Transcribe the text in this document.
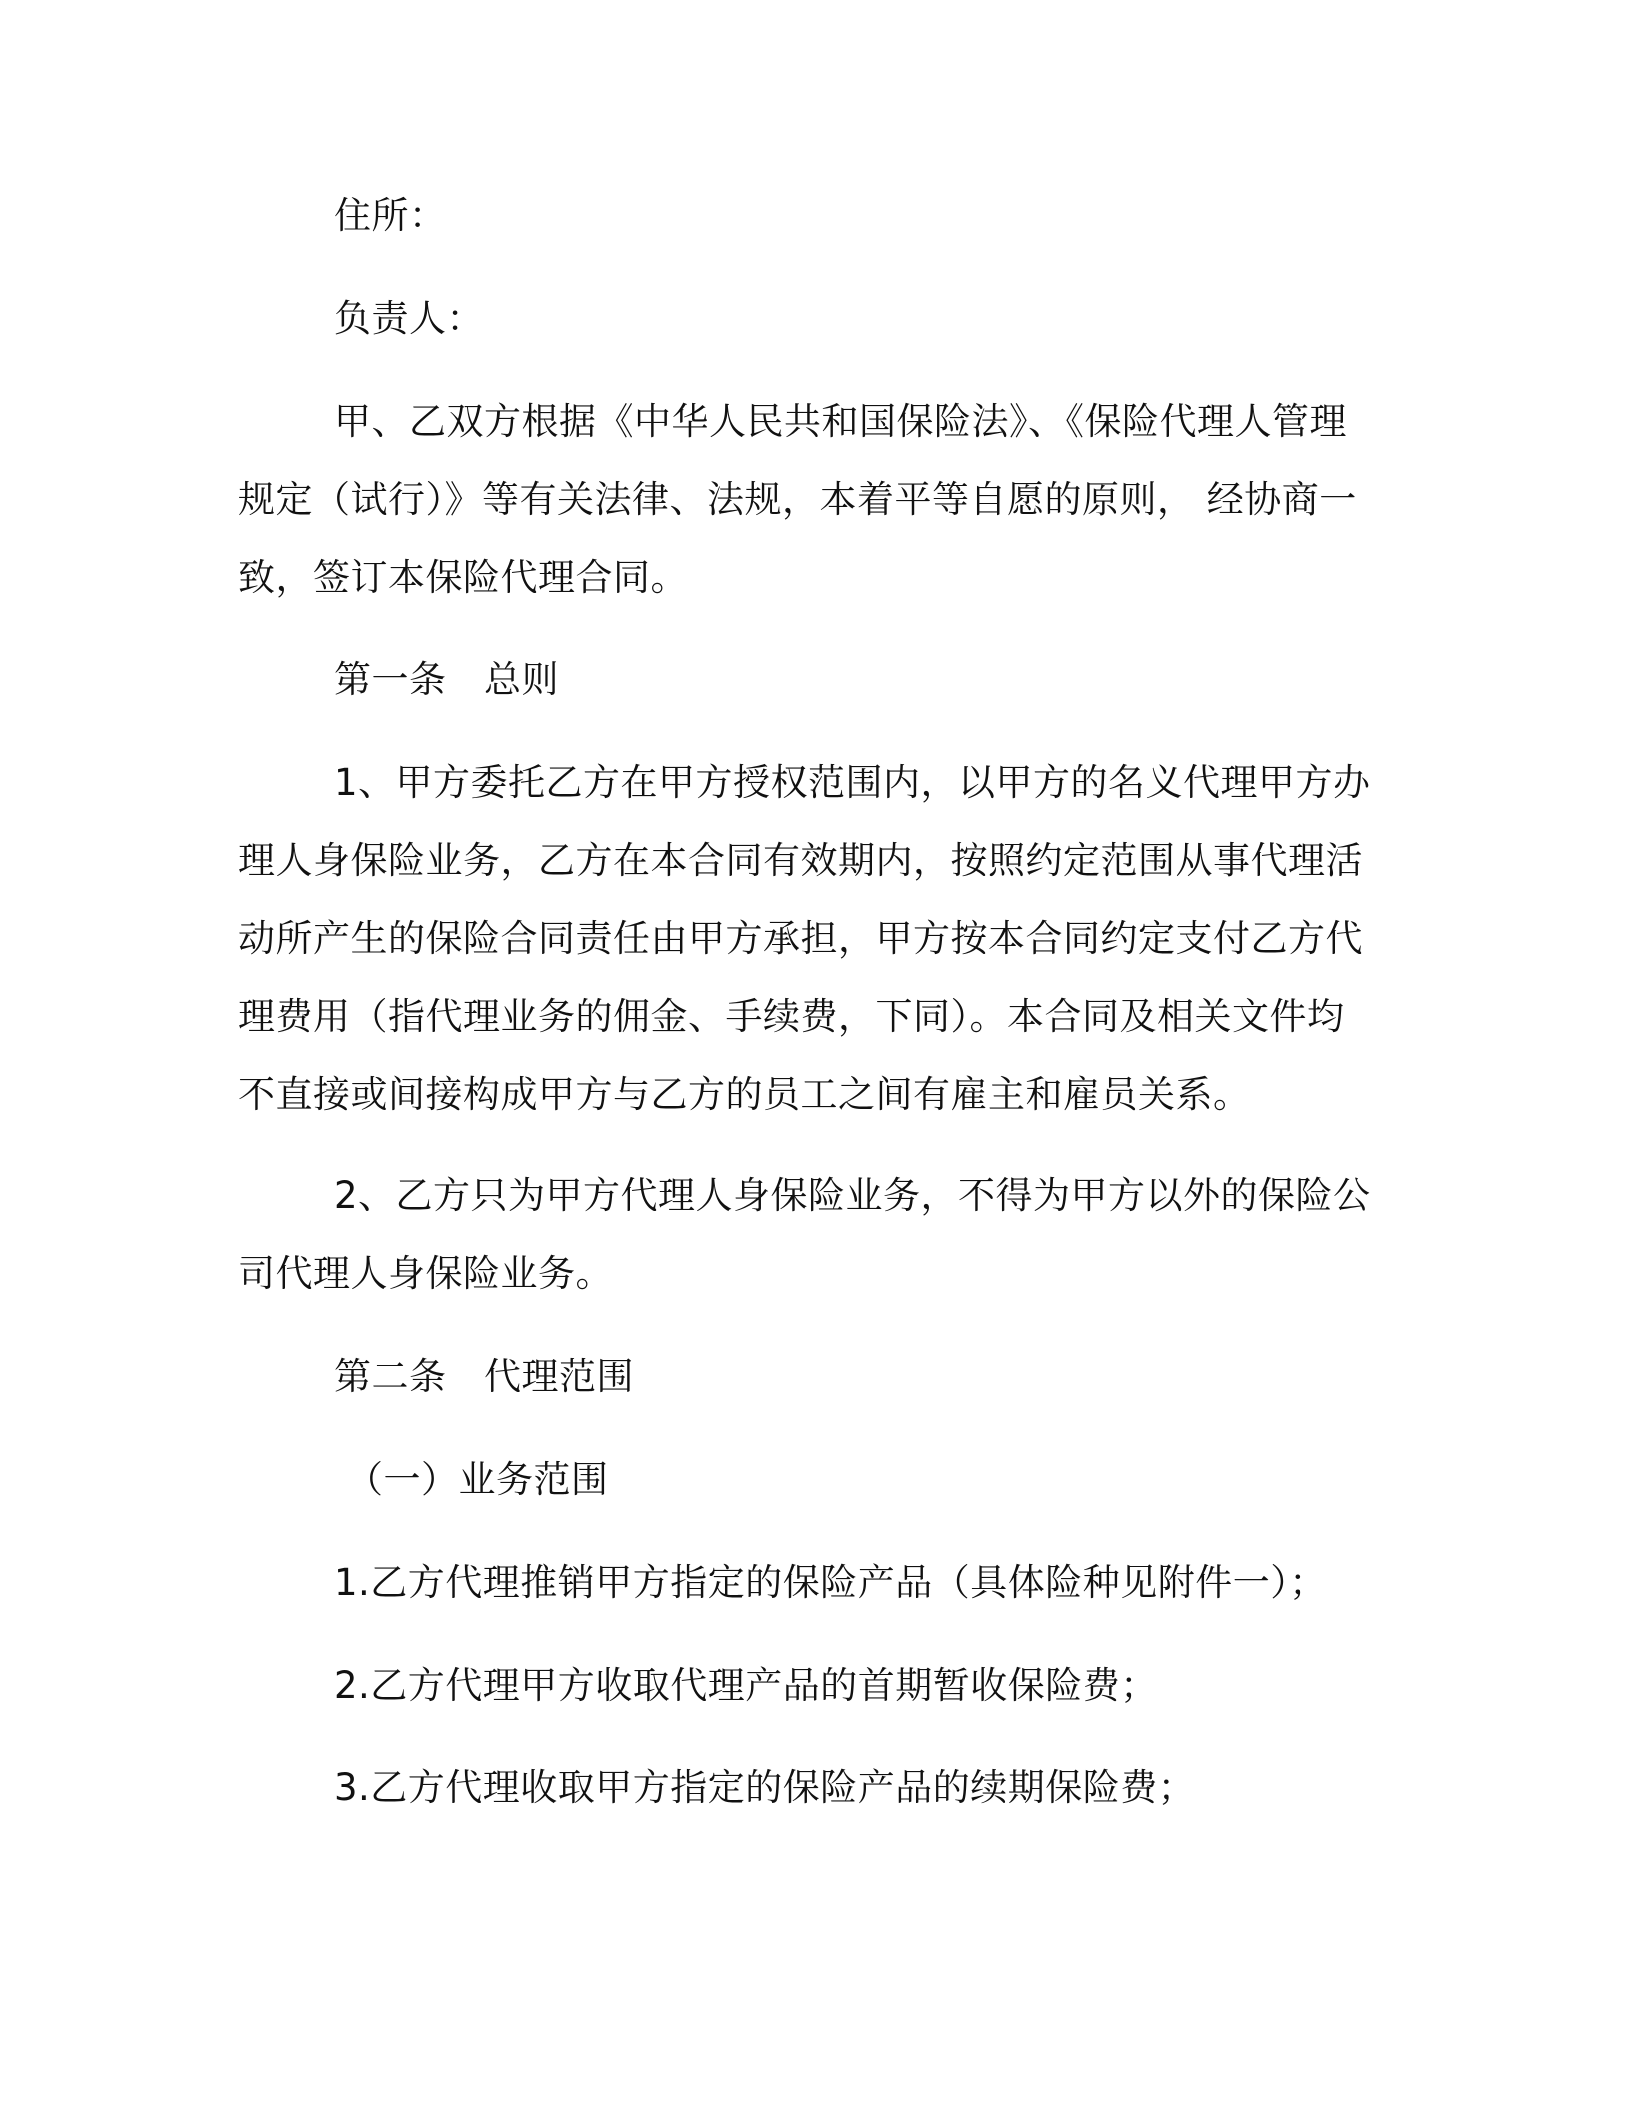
住所：
负责人：
甲、乙双方根据《中华人民共和国保险法》、《保险代理人管理
规定（试行）》等有关法律、法规，本着平等自愿的原则， 经协商一
致，签订本保险代理合同。
第一条　总则
1、甲方委托乙方在甲方授权范围内，以甲方的名义代理甲方办
理人身保险业务，乙方在本合同有效期内，按照约定范围从事代理活
动所产生的保险合同责任由甲方承担，甲方按本合同约定支付乙方代
理费用（指代理业务的佣金、手续费，下同）。本合同及相关文件均
不直接或间接构成甲方与乙方的员工之间有雇主和雇员关系。
2、乙方只为甲方代理人身保险业务，不得为甲方以外的保险公
司代理人身保险业务。
第二条　代理范围
（一）业务范围
1.乙方代理推销甲方指定的保险产品（具体险种见附件一）；
2.乙方代理甲方收取代理产品的首期暂收保险费；
3.乙方代理收取甲方指定的保险产品的续期保险费；
